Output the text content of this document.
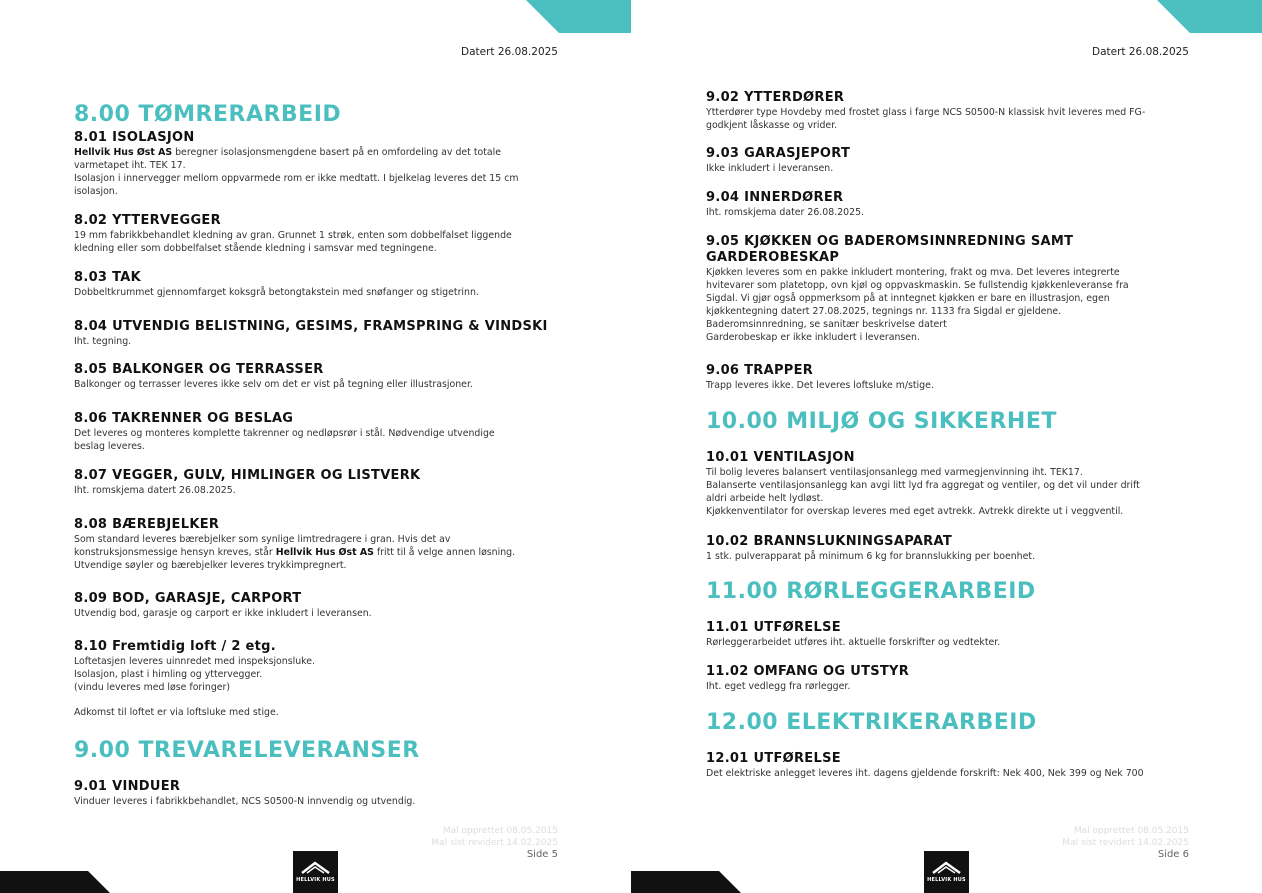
Datert 26.08.2025
8.00 TØMRERARBEID
8.01 ISOLASJON

Hellvik Hus Øst AS beregner isolasjonsmengdene basert på en omfordeling av det totale

varmetapet iht. TEK 17.

Isolasjon i innervegger mellom oppvarmede rom er ikke medtatt. I bjelkelag leveres det 15 cm

isolasjon.

8.02 YTTERVEGGER

19 mm fabrikkbehandlet kledning av gran. Grunnet 1 strøk, enten som dobbelfalset liggende

kledning eller som dobbelfalset stående kledning i samsvar med tegningene.

8.03 TAK

Dobbeltkrummet gjennomfarget koksgrå betongtakstein med snøfanger og stigetrinn.

8.04 UTVENDIG BELISTNING, GESIMS, FRAMSPRING & VINDSKI

Iht. tegning.

8.05 BALKONGER OG TERRASSER

Balkonger og terrasser leveres ikke selv om det er vist på tegning eller illustrasjoner.

8.06 TAKRENNER OG BESLAG

Det leveres og monteres komplette takrenner og nedløpsrør i stål. Nødvendige utvendige

beslag leveres.

8.07 VEGGER, GULV, HIMLINGER OG LISTVERK

Iht. romskjema datert 26.08.2025.

8.08 BÆREBJELKER

Som standard leveres bærebjelker som synlige limtredragere i gran. Hvis det av

konstruksjonsmessige hensyn kreves, står Hellvik Hus Øst AS fritt til å velge annen løsning.

Utvendige søyler og bærebjelker leveres trykkimpregnert.

8.09 BOD, GARASJE, CARPORT

Utvendig bod, garasje og carport er ikke inkludert i leveransen.

8.10 Fremtidig loft / 2 etg.

Loftetasjen leveres uinnredet med inspeksjonsluke.

Isolasjon, plast i himling og yttervegger.

(vindu leveres med løse foringer)

Adkomst til loftet er via loftsluke med stige.

9.00 TREVARELEVERANSER
9.01 VINDUER

Vinduer leveres i fabrikkbehandlet, NCS S0500-N innvendig og utvendig.

Mal opprettet 08.05.2015
Mal sist revidert 14.02.2025
Side 5
HELLVIK HUS
Datert 26.08.2025
9.02 YTTERDØRER

Ytterdører type Hovdeby med frostet glass i farge NCS S0500-N klassisk hvit leveres med FG-

godkjent låskasse og vrider.

9.03 GARASJEPORT

Ikke inkludert i leveransen.

9.04 INNERDØRER

Iht. romskjema dater 26.08.2025.

9.05 KJØKKEN OG BADEROMSINNREDNING SAMT
GARDEROBESKAP

Kjøkken leveres som en pakke inkludert montering, frakt og mva. Det leveres integrerte

hvitevarer som platetopp, ovn kjøl og oppvaskmaskin. Se fullstendig kjøkkenleveranse fra

Sigdal. Vi gjør også oppmerksom på at inntegnet kjøkken er bare en illustrasjon, egen

kjøkkentegning datert 27.08.2025, tegnings nr. 1133 fra Sigdal er gjeldene.

Baderomsinnredning, se sanitær beskrivelse datert

Garderobeskap er ikke inkludert i leveransen.

9.06 TRAPPER

Trapp leveres ikke. Det leveres loftsluke m/stige.

10.00 MILJØ OG SIKKERHET
10.01 VENTILASJON

Til bolig leveres balansert ventilasjonsanlegg med varmegjenvinning iht. TEK17.

Balanserte ventilasjonsanlegg kan avgi litt lyd fra aggregat og ventiler, og det vil under drift

aldri arbeide helt lydløst.

Kjøkkenventilator for overskap leveres med eget avtrekk. Avtrekk direkte ut i veggventil.

10.02 BRANNSLUKNINGSAPARAT

1 stk. pulverapparat på minimum 6 kg for brannslukking per boenhet.

11.00 RØRLEGGERARBEID
11.01 UTFØRELSE

Rørleggerarbeidet utføres iht. aktuelle forskrifter og vedtekter.

11.02 OMFANG OG UTSTYR

Iht. eget vedlegg fra rørlegger.

12.00 ELEKTRIKERARBEID
12.01 UTFØRELSE

Det elektriske anlegget leveres iht. dagens gjeldende forskrift: Nek 400, Nek 399 og Nek 700

Mal opprettet 08.05.2015
Mal sist revidert 14.02.2025
Side 6
HELLVIK HUS
